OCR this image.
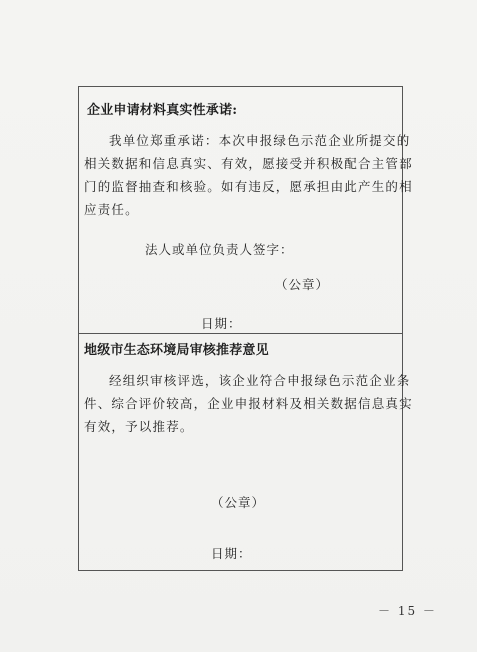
企业申请材料真实性承诺:
我单位郑重承诺：本次申报绿色示范企业所提交的
相关数据和信息真实、有效，愿接受并积极配合主管部
门的监督抽查和核验。如有违反，愿承担由此产生的相
应责任。
法人或单位负责人签字：
（公章）
日期：
地级市生态环境局审核推荐意见
经组织审核评选，该企业符合申报绿色示范企业条
件、综合评价较高，企业申报材料及相关数据信息真实
有效，予以推荐。
（公章）
日期：
－ 15 －
